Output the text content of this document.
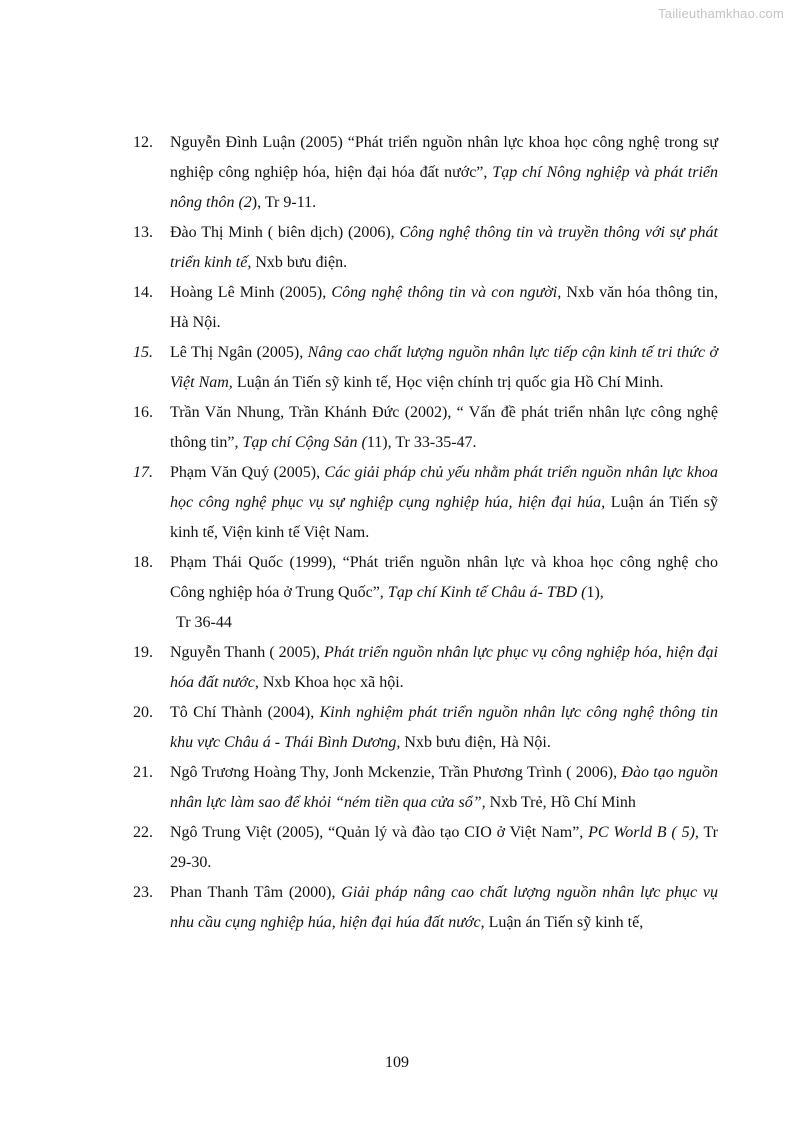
Tailieuthamkhao.com
12. Nguyễn Đình Luận (2005) “Phát triển nguồn nhân lực khoa học công nghệ trong sự nghiệp công nghiệp hóa, hiện đại hóa đất nước”, Tạp chí Nông nghiệp và phát triển nông thôn (2), Tr 9-11.
13. Đào Thị Minh ( biên dịch) (2006), Công nghệ thông tin và truyền thông với sự phát triển kinh tế, Nxb bưu điện.
14. Hoàng Lê Minh (2005), Công nghệ thông tin và con người, Nxb văn hóa thông tin, Hà Nội.
15. Lê Thị Ngân (2005), Nâng cao chất lượng nguồn nhân lực tiếp cận kinh tế tri thức ở Việt Nam, Luận án Tiến sỹ kinh tế, Học viện chính trị quốc gia Hồ Chí Minh.
16. Trần Văn Nhung, Trần Khánh Đức (2002), “ Vấn đề phát triển nhân lực công nghệ thông tin”, Tạp chí Cộng Sản (11), Tr 33-35-47.
17. Phạm Văn Quý (2005), Các giải pháp chủ yếu nhằm phát triển nguồn nhân lực khoa học công nghệ phục vụ sự nghiệp cụng nghiệp húa, hiện đại húa, Luận án Tiến sỹ kinh tế, Viện kinh tế Việt Nam.
18. Phạm Thái Quốc (1999), “Phát triển nguồn nhân lực và khoa học công nghệ cho Công nghiệp hóa ở Trung Quốc”, Tạp chí Kinh tế Châu á- TBD (1),
Tr 36-44
19. Nguyễn Thanh ( 2005), Phát triển nguồn nhân lực phục vụ công nghiệp hóa, hiện đại hóa đất nước, Nxb Khoa học xã hội.
20. Tô Chí Thành (2004), Kinh nghiệm phát triển nguồn nhân lực công nghệ thông tin khu vực Châu á - Thái Bình Dương, Nxb bưu điện, Hà Nội.
21. Ngô Trương Hoàng Thy, Jonh Mckenzie, Trần Phương Trình ( 2006), Đào tạo nguồn nhân lực làm sao để khỏi “ném tiền qua cửa sổ”, Nxb Trẻ, Hồ Chí Minh
22. Ngô Trung Việt (2005), “Quản lý và đào tạo CIO ở Việt Nam”, PC World B ( 5), Tr 29-30.
23. Phan Thanh Tâm (2000), Giải pháp nâng cao chất lượng nguồn nhân lực phục vụ nhu cầu cụng nghiệp húa, hiện đại húa đất nước, Luận án Tiến sỹ kinh tế,
109
